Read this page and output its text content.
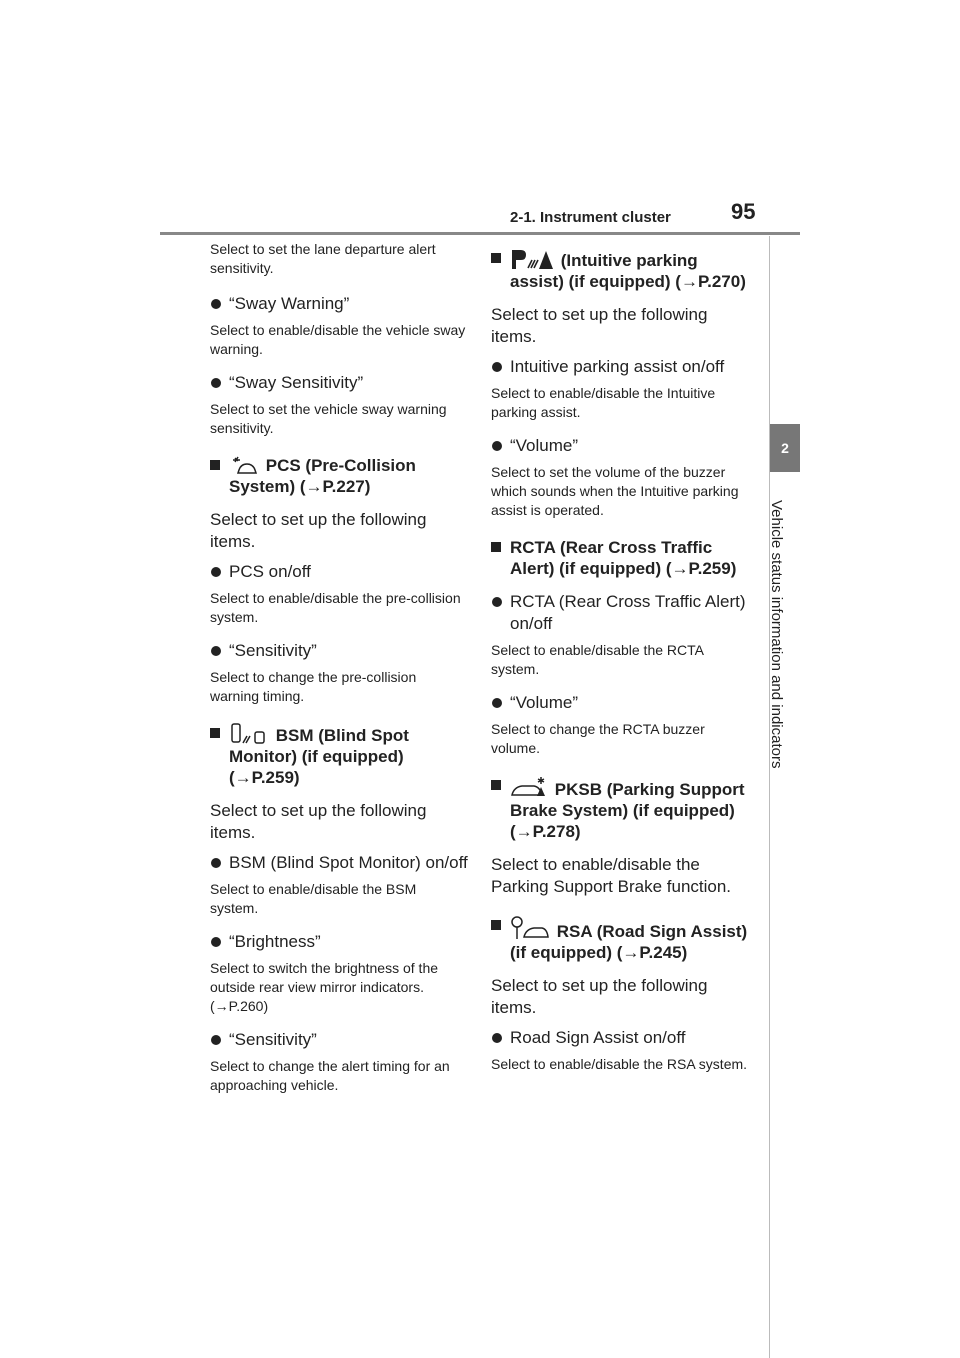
2-1. Instrument cluster	95
2
Vehicle status information and indicators

Select to set the lane departure alert sensitivity.

“Sway Warning”

Select to enable/disable the vehicle sway warning.

“Sway Sensitivity”

Select to set the vehicle sway warning sensitivity.

PCS (Pre-Collision System) (→P.227)

Select to set up the following items.

PCS on/off

Select to enable/disable the pre-collision system.

“Sensitivity”

Select to change the pre-collision warning timing.

BSM (Blind Spot Monitor) (if equipped) (→P.259)

Select to set up the following items.

BSM (Blind Spot Monitor) on/off

Select to enable/disable the BSM system.

“Brightness”

Select to switch the brightness of the outside rear view mirror indicators. (→P.260)

“Sensitivity”

Select to change the alert timing for an approaching vehicle.

(Intuitive parking assist) (if equipped) (→P.270)

Select to set up the following items.

Intuitive parking assist on/off

Select to enable/disable the Intuitive parking assist.

“Volume”

Select to set the volume of the buzzer which sounds when the Intuitive parking assist is operated.

RCTA (Rear Cross Traffic Alert) (if equipped) (→P.259)

RCTA (Rear Cross Traffic Alert) on/off

Select to enable/disable the RCTA system.

“Volume”

Select to change the RCTA buzzer volume.

PKSB (Parking Support Brake System) (if equipped) (→P.278)

Select to enable/disable the Parking Support Brake function.

RSA (Road Sign Assist) (if equipped) (→P.245)

Select to set up the following items.

Road Sign Assist on/off

Select to enable/disable the RSA system.
